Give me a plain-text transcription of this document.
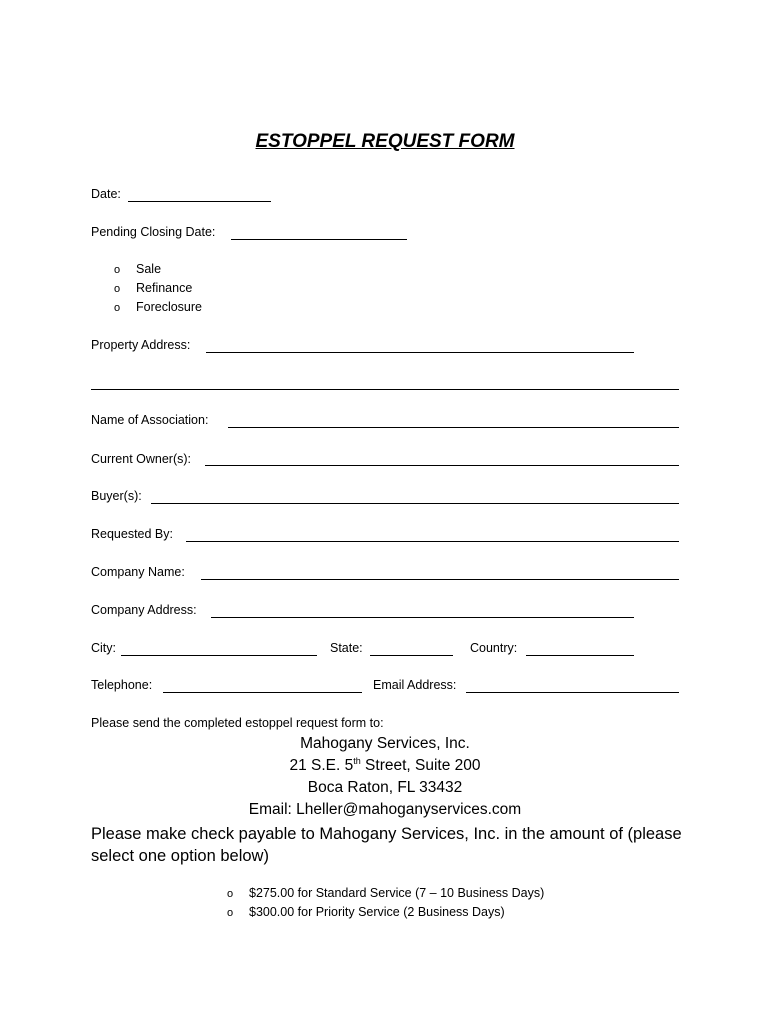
ESTOPPEL REQUEST FORM
Date:
Pending Closing Date:
o Sale
o Refinance
o Foreclosure
Property Address:
Name of Association:
Current Owner(s):
Buyer(s):
Requested By:
Company Name:
Company Address:
City:	State:	Country:
Telephone:	Email Address:
Please send the completed estoppel request form to:
Mahogany Services, Inc.
21 S.E. 5th Street, Suite 200
Boca Raton, FL 33432
Email: Lheller@mahoganyservices.com
Please make check payable to Mahogany Services, Inc. in the amount of (please select one option below)
o $275.00 for Standard Service (7 – 10 Business Days)
o $300.00 for Priority Service (2 Business Days)
